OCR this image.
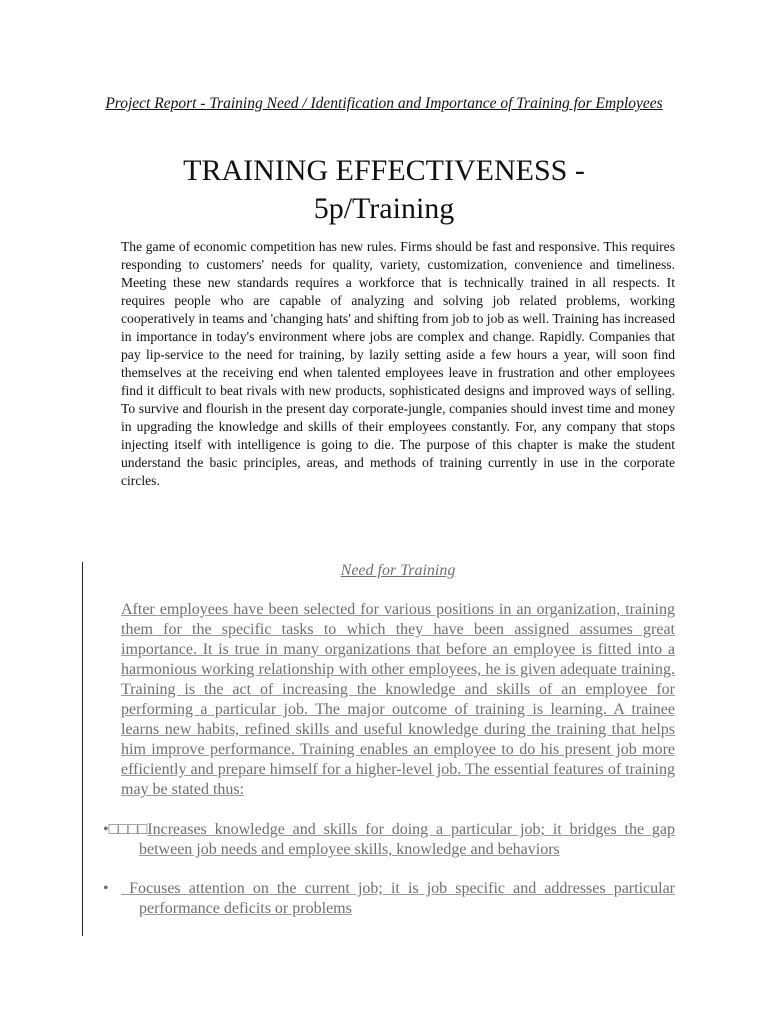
Project Report - Training Need / Identification and Importance of Training for Employees
TRAINING EFFECTIVENESS -
5p/Training

The game of economic competition has new rules. Firms should be fast and responsive. This requires responding to customers' needs for quality, variety, customization, convenience and timeliness. Meeting these new standards requires a workforce that is technically trained in all respects. It requires people who are capable of analyzing and solving job related problems, working cooperatively in teams and 'changing hats' and shifting from job to job as well. Training has increased in importance in today's environment where jobs are complex and change. Rapidly. Companies that pay lip-service to the need for training, by lazily setting aside a few hours a year, will soon find themselves at the receiving end when talented employees leave in frustration and other employees find it difficult to beat rivals with new products, sophisticated designs and improved ways of selling. To survive and flourish in the present day corporate-jungle, companies should invest time and money in upgrading the knowledge and skills of their employees constantly. For, any company that stops injecting itself with intelligence is going to die. The purpose of this chapter is make the student understand the basic principles, areas, and methods of training currently in use in the corporate circles.

Need for Training

After employees have been selected for various positions in an organization, training them for the specific tasks to which they have been assigned assumes great importance. It is true in many organizations that before an employee is fitted into a harmonious working relationship with other employees, he is given adequate training. Training is the act of increasing the knowledge and skills of an employee for performing a particular job. The major outcome of training is learning. A trainee learns new habits, refined skills and useful knowledge during the training that helps him improve performance. Training enables an employee to do his present job more efficiently and prepare himself for a higher-level job. The essential features of training may be stated thus:

•□□□□Increases knowledge and skills for doing a particular job; it bridges the gap between job needs and employee skills, knowledge and behaviors

• Focuses attention on the current job; it is job specific and addresses particular performance deficits or problems
